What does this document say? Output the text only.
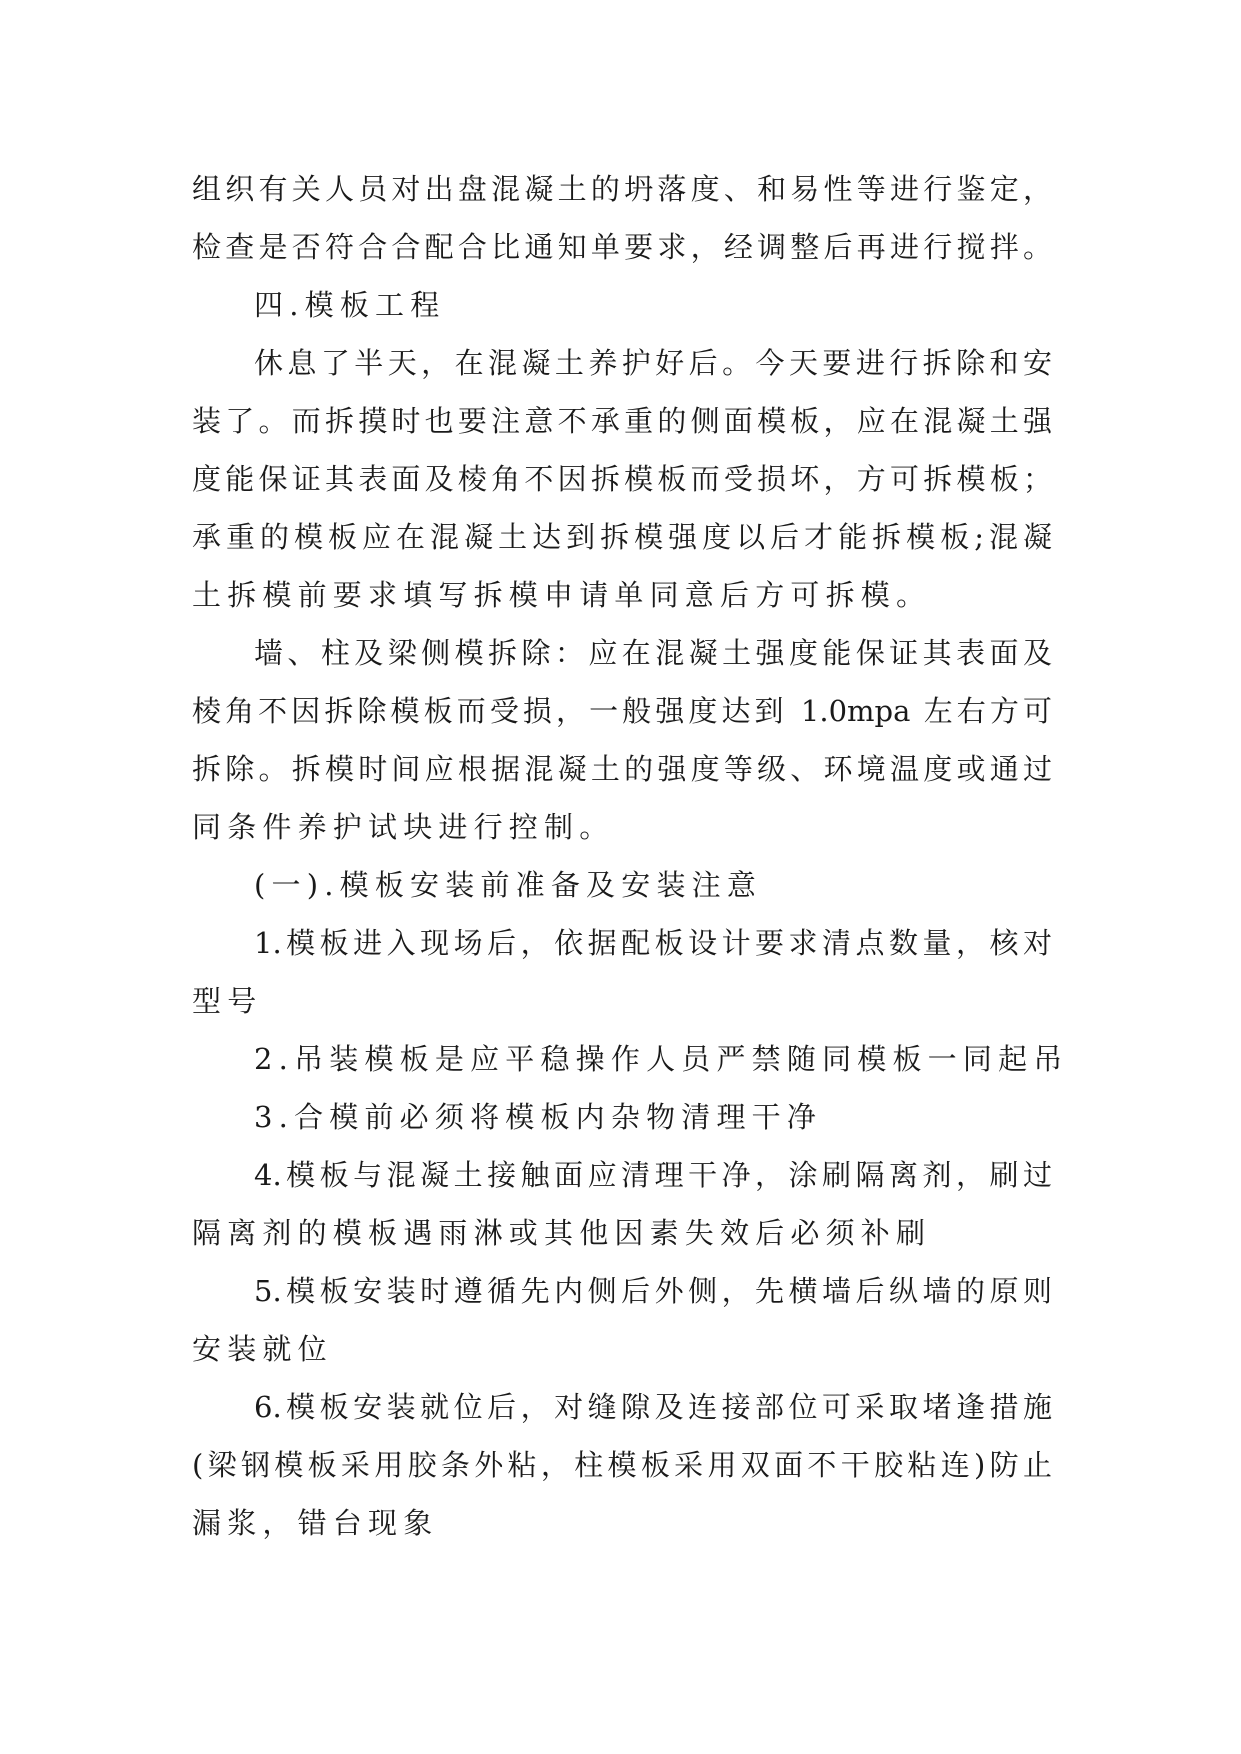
组织有关人员对出盘混凝土的坍落度、和易性等进行鉴定，
检查是否符合合配合比通知单要求，经调整后再进行搅拌。
四.模板工程
休息了半天，在混凝土养护好后。今天要进行拆除和安
装了。而拆摸时也要注意不承重的侧面模板，应在混凝土强
度能保证其表面及棱角不因拆模板而受损坏，方可拆模板；
承重的模板应在混凝土达到拆模强度以后才能拆模板;混凝
土拆模前要求填写拆模申请单同意后方可拆模。
墙、柱及梁侧模拆除：应在混凝土强度能保证其表面及
棱角不因拆除模板而受损，一般强度达到 1.0mpa 左右方可
拆除。拆模时间应根据混凝土的强度等级、环境温度或通过
同条件养护试块进行控制。
(一).模板安装前准备及安装注意
1.模板进入现场后，依据配板设计要求清点数量，核对
型号
2.吊装模板是应平稳操作人员严禁随同模板一同起吊
3.合模前必须将模板内杂物清理干净
4.模板与混凝土接触面应清理干净，涂刷隔离剂，刷过
隔离剂的模板遇雨淋或其他因素失效后必须补刷
5.模板安装时遵循先内侧后外侧，先横墙后纵墙的原则
安装就位
6.模板安装就位后，对缝隙及连接部位可采取堵逢措施
(梁钢模板采用胶条外粘，柱模板采用双面不干胶粘连)防止
漏浆，错台现象
